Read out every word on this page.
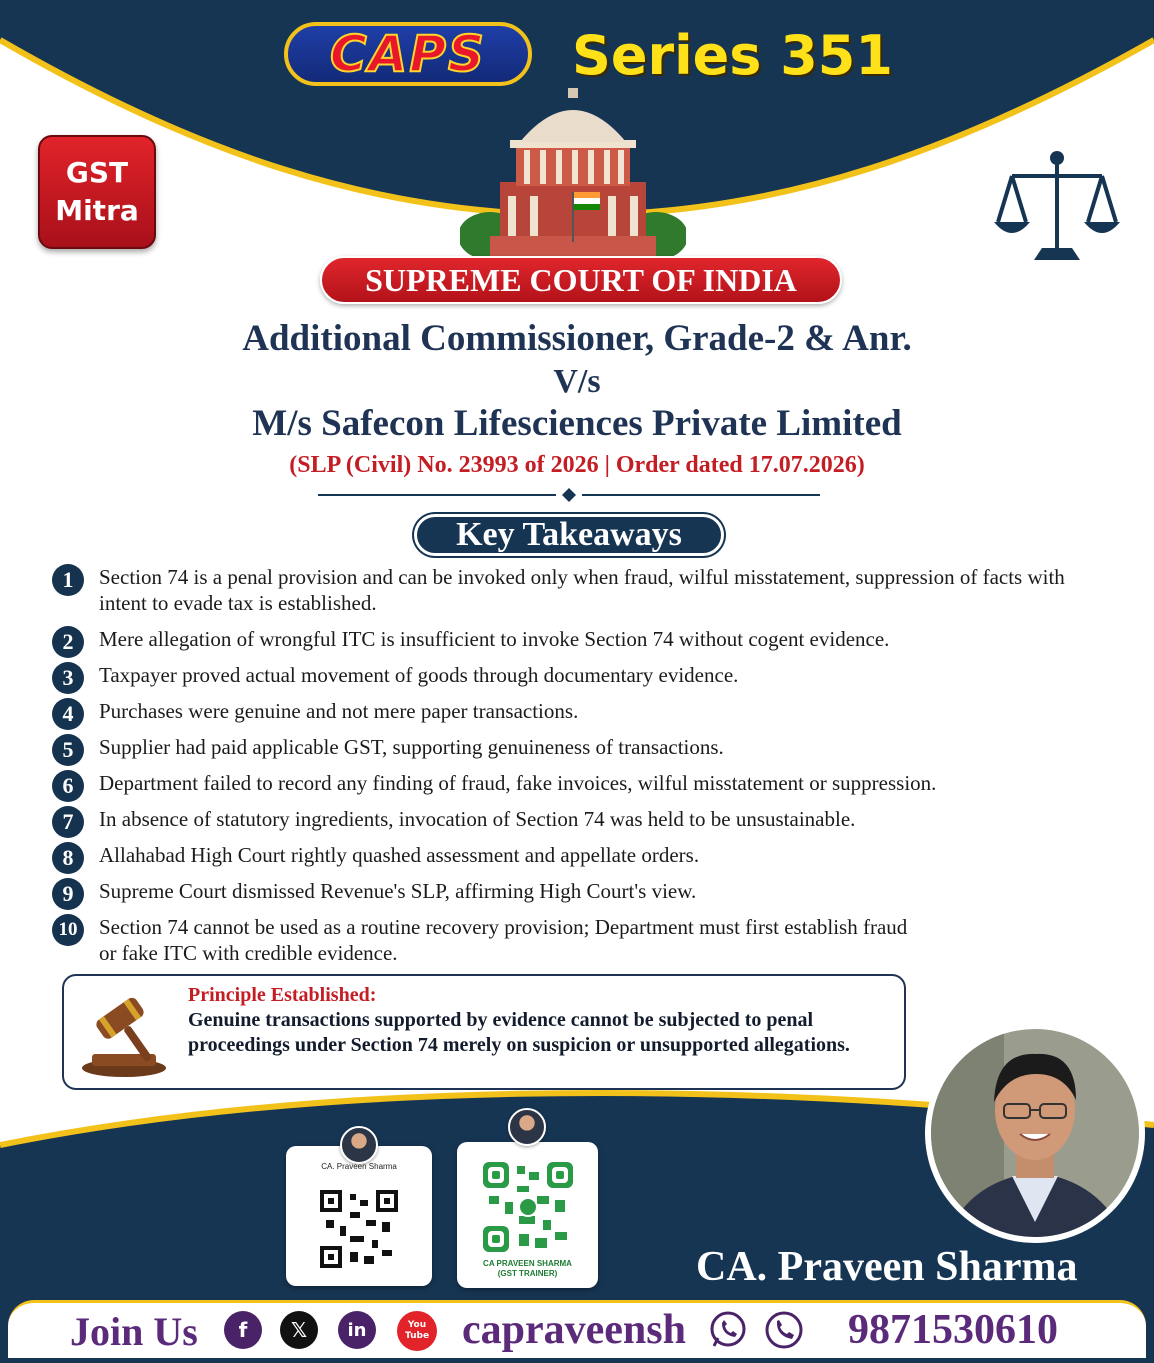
CAPS Series 351
GST
Mitra
SUPREME COURT OF INDIA
Additional Commissioner, Grade-2 & Anr.
V/s
M/s Safecon Lifesciences Private Limited
(SLP (Civil) No. 23993 of 2026 | Order dated 17.07.2026)
Key Takeaways
1	Section 74 is a penal provision and can be invoked only when fraud, wilful misstatement, suppression of facts with intent to evade tax is established.
2	Mere allegation of wrongful ITC is insufficient to invoke Section 74 without cogent evidence.
3	Taxpayer proved actual movement of goods through documentary evidence.
4	Purchases were genuine and not mere paper transactions.
5	Supplier had paid applicable GST, supporting genuineness of transactions.
6	Department failed to record any finding of fraud, fake invoices, wilful misstatement or suppression.
7	In absence of statutory ingredients, invocation of Section 74 was held to be unsustainable.
8	Allahabad High Court rightly quashed assessment and appellate orders.
9	Supreme Court dismissed Revenue's SLP, affirming High Court's view.
10	Section 74 cannot be used as a routine recovery provision; Department must first establish fraud or fake ITC with credible evidence.
Principle Established:
Genuine transactions supported by evidence cannot be subjected to penal proceedings under Section 74 merely on suspicion or unsupported allegations.
CA. Praveen Sharma
CA PRAVEEN SHARMA
(GST TRAINER)	CA. Praveen Sharma
Join Us	f	𝕏	in	You
Tube capraveensh	9871530610
